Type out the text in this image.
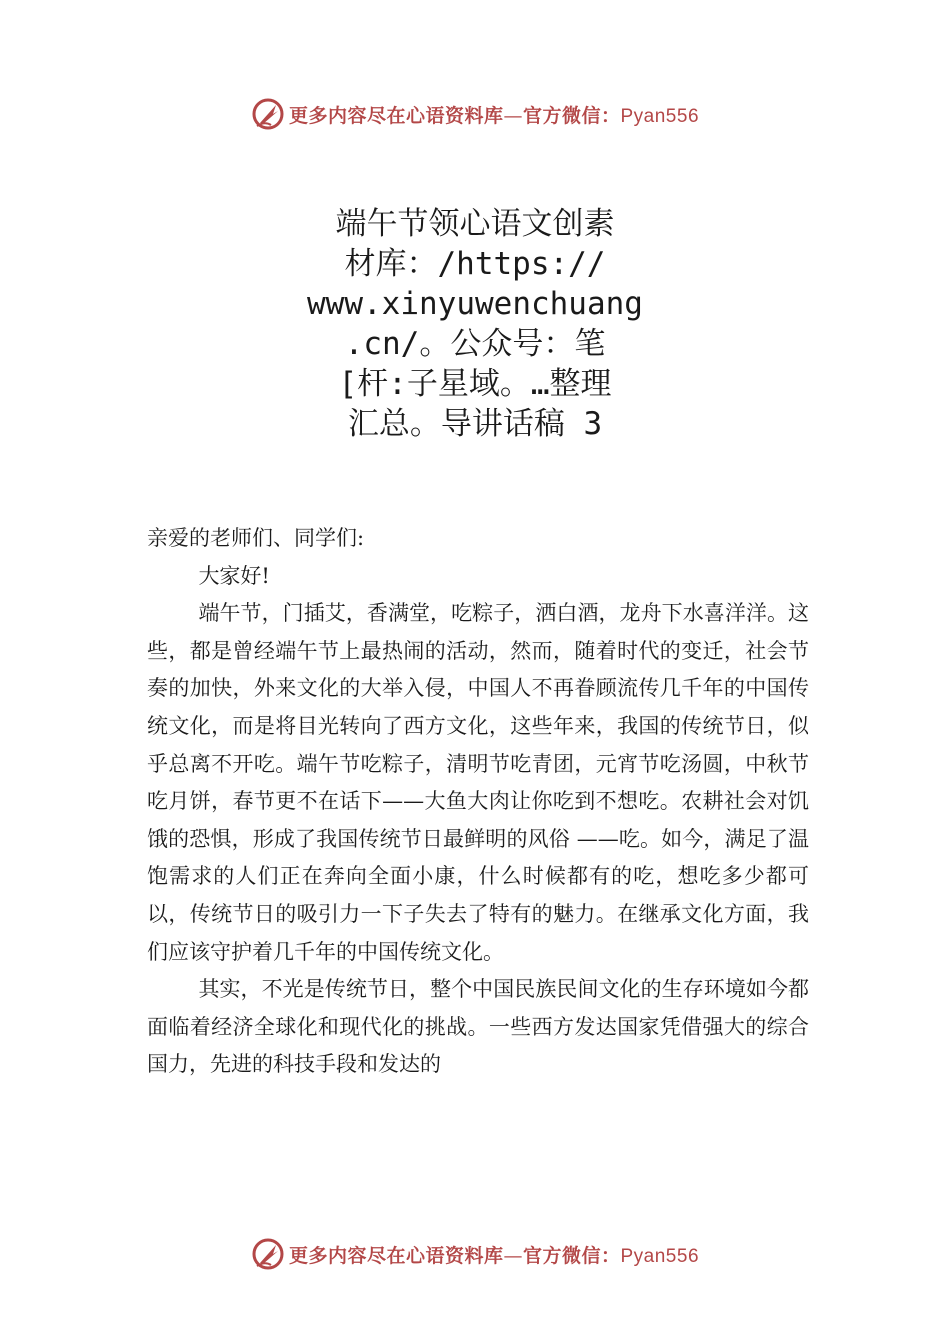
更多内容尽在心语资料库—官方微信：Pyan556
端午节领心语文创素
材库：/https://
www.xinyuwenchuang
.cn/。公众号：笔
[杆:子星域。…整理
汇总。导讲话稿 3

亲爱的老师们、同学们:

大家好!

端午节，门插艾，香满堂，吃粽子，洒白酒，龙舟下水喜洋洋。这些，都是曾经端午节上最热闹的活动，然而，随着时代的变迁，社会节奏的加快，外来文化的大举入侵，中国人不再眷顾流传几千年的中国传统文化，而是将目光转向了西方文化，这些年来，我国的传统节日，似乎总离不开吃。端午节吃粽子，清明节吃青团，元宵节吃汤圆，中秋节吃月饼，春节更不在话下——大鱼大肉让你吃到不想吃。农耕社会对饥饿的恐惧，形成了我国传统节日最鲜明的风俗 ——吃。如今，满足了温饱需求的人们正在奔向全面小康，什么时候都有的吃，想吃多少都可以，传统节日的吸引力一下子失去了特有的魅力。在继承文化方面，我们应该守护着几千年的中国传统文化。

其实，不光是传统节日，整个中国民族民间文化的生存环境如今都面临着经济全球化和现代化的挑战。一些西方发达国家凭借强大的综合国力，先进的科技手段和发达的

更多内容尽在心语资料库—官方微信：Pyan556
